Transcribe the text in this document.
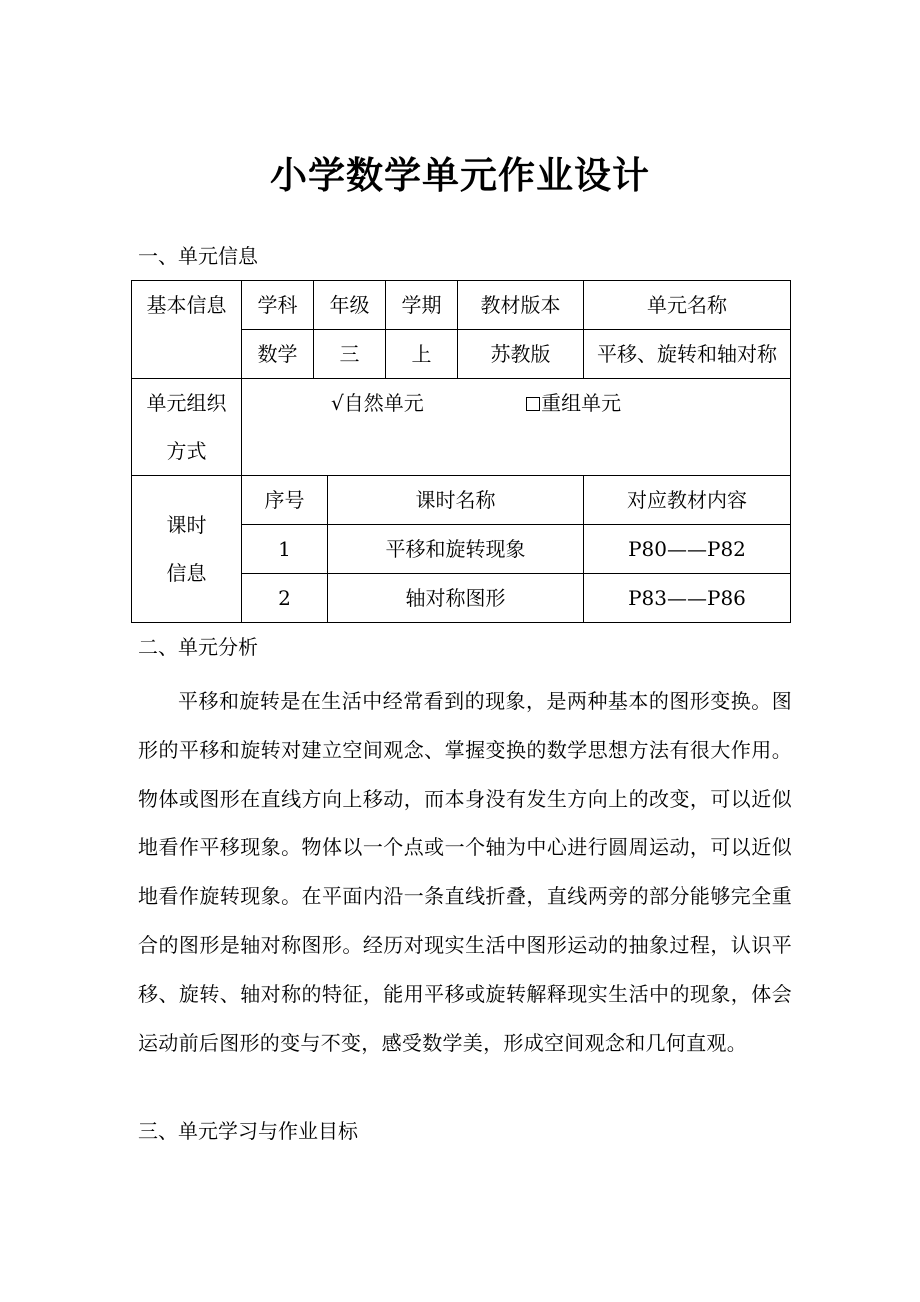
小学数学单元作业设计

一、单元信息

基本信息	学科	年级		学期	教材版本	单元名称
	数学	三		上	苏教版	平移、旋转和轴对称

单元组织
方式	√自然单元 重组单元					

课时
信息	序号		课时名称			对应教材内容
	1		平移和旋转现象			P80——P82
	2		轴对称图形			P83——P86

二、单元分析

平移和旋转是在生活中经常看到的现象，是两种基本的图形变换。图形的平移和旋转对建立空间观念、掌握变换的数学思想方法有很大作用。物体或图形在直线方向上移动，而本身没有发生方向上的改变，可以近似地看作平移现象。物体以一个点或一个轴为中心进行圆周运动，可以近似地看作旋转现象。在平面内沿一条直线折叠，直线两旁的部分能够完全重合的图形是轴对称图形。经历对现实生活中图形运动的抽象过程，认识平移、旋转、轴对称的特征，能用平移或旋转解释现实生活中的现象，体会运动前后图形的变与不变，感受数学美，形成空间观念和几何直观。

三、单元学习与作业目标
